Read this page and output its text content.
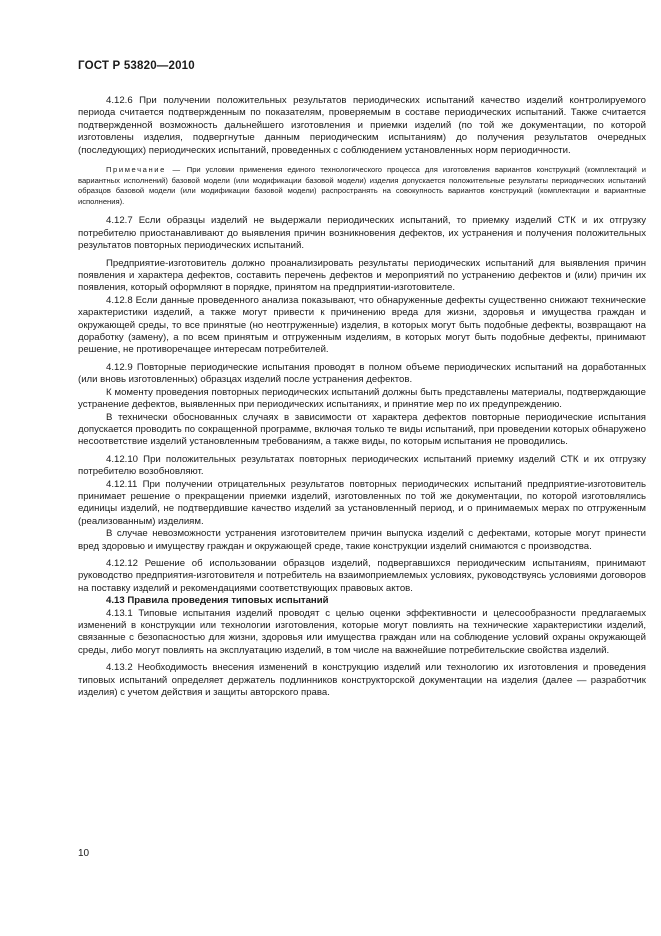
ГОСТ Р 53820—2010

4.12.6 При получении положительных результатов периодических испытаний качество изделий контролируемого периода считается подтвержденным по показателям, проверяемым в составе периодических испытаний. Также считается подтвержденной возможность дальнейшего изготовления и приемки изделий (по той же документации, по которой изготовлены изделия, подвергнутые данным периодическим испытаниям) до получения результатов очередных (последующих) периодических испытаний, проведенных с соблюдением установленных норм периодичности.

Примечание — При условии применения единого технологического процесса для изготовления вариантов конструкций (комплектаций и вариантных исполнений) базовой модели (или модификации базовой модели) изделия допускается положительные результаты периодических испытаний образцов базовой модели (или модификации базовой модели) распространять на совокупность вариантов конструкций (комплектации и вариантные исполнения).

4.12.7 Если образцы изделий не выдержали периодических испытаний, то приемку изделий СТК и их отгрузку потребителю приостанавливают до выявления причин возникновения дефектов, их устранения и получения положительных результатов повторных периодических испытаний.

Предприятие-изготовитель должно проанализировать результаты периодических испытаний для выявления причин появления и характера дефектов, составить перечень дефектов и мероприятий по устранению дефектов и (или) причин их появления, который оформляют в порядке, принятом на предприятии-изготовителе.

4.12.8 Если данные проведенного анализа показывают, что обнаруженные дефекты существенно снижают технические характеристики изделий, а также могут привести к причинению вреда для жизни, здоровья и имущества граждан и окружающей среды, то все принятые (но неотгруженные) изделия, в которых могут быть подобные дефекты, возвращают на доработку (замену), а по всем принятым и отгруженным изделиям, в которых могут быть подобные дефекты, принимают решение, не противоречащее интересам потребителей.

4.12.9 Повторные периодические испытания проводят в полном объеме периодических испытаний на доработанных (или вновь изготовленных) образцах изделий после устранения дефектов.

К моменту проведения повторных периодических испытаний должны быть представлены материалы, подтверждающие устранение дефектов, выявленных при периодических испытаниях, и принятие мер по их предупреждению.

В технически обоснованных случаях в зависимости от характера дефектов повторные периодические испытания допускается проводить по сокращенной программе, включая только те виды испытаний, при проведении которых обнаружено несоответствие изделий установленным требованиям, а также виды, по которым испытания не проводились.

4.12.10 При положительных результатах повторных периодических испытаний приемку изделий СТК и их отгрузку потребителю возобновляют.

4.12.11 При получении отрицательных результатов повторных периодических испытаний предприятие-изготовитель принимает решение о прекращении приемки изделий, изготовленных по той же документации, по которой изготовлялись единицы изделий, не подтвердившие качество изделий за установленный период, и о принимаемых мерах по отгруженным (реализованным) изделиям.

В случае невозможности устранения изготовителем причин выпуска изделий с дефектами, которые могут принести вред здоровью и имуществу граждан и окружающей среде, такие конструкции изделий снимаются с производства.

4.12.12 Решение об использовании образцов изделий, подвергавшихся периодическим испытаниям, принимают руководство предприятия-изготовителя и потребитель на взаимоприемлемых условиях, руководствуясь условиями договоров на поставку изделий и рекомендациями соответствующих правовых актов.

4.13 Правила проведения типовых испытаний

4.13.1 Типовые испытания изделий проводят с целью оценки эффективности и целесообразности предлагаемых изменений в конструкции или технологии изготовления, которые могут повлиять на технические характеристики изделий, связанные с безопасностью для жизни, здоровья или имущества граждан или на соблюдение условий охраны окружающей среды, либо могут повлиять на эксплуатацию изделий, в том числе на важнейшие потребительские свойства изделий.

4.13.2 Необходимость внесения изменений в конструкцию изделий или технологию их изготовления и проведения типовых испытаний определяет держатель подлинников конструкторской документации на изделия (далее — разработчик изделия) с учетом действия и защиты авторского права.

10
